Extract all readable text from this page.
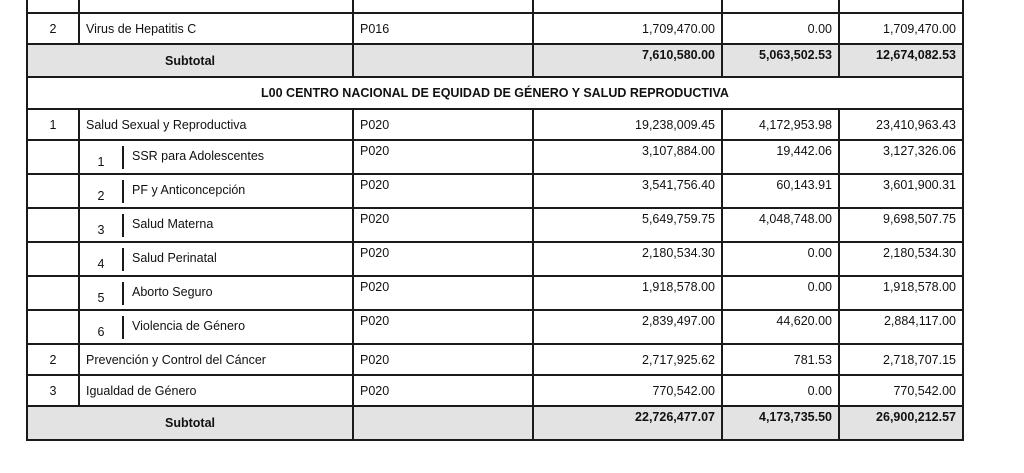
2	Virus de Hepatitis C	P016	1,709,470.00	0.00	1,709,470.00
Subtotal			7,610,580.00	5,063,502.53	12,674,082.53
L00 CENTRO NACIONAL DE EQUIDAD DE GÉNERO Y SALUD REPRODUCTIVA					
1	Salud Sexual y Reproductiva	P020	19,238,009.45	4,172,953.98	23,410,963.43

	1 SSR para Adolescentes	P020	3,107,884.00	19,442.06	3,127,326.06

	2 PF y Anticoncepción	P020	3,541,756.40	60,143.91	3,601,900.31

	3 Salud Materna	P020	5,649,759.75	4,048,748.00	9,698,507.75

	4 Salud Perinatal	P020	2,180,534.30	0.00	2,180,534.30

	5 Aborto Seguro	P020	1,918,578.00	0.00	1,918,578.00

	6 Violencia de Género	P020	2,839,497.00	44,620.00	2,884,117.00
2	Prevención y Control del Cáncer	P020	2,717,925.62	781.53	2,718,707.15
3	Igualdad de Género	P020	770,542.00	0.00	770,542.00
Subtotal			22,726,477.07	4,173,735.50	26,900,212.57
